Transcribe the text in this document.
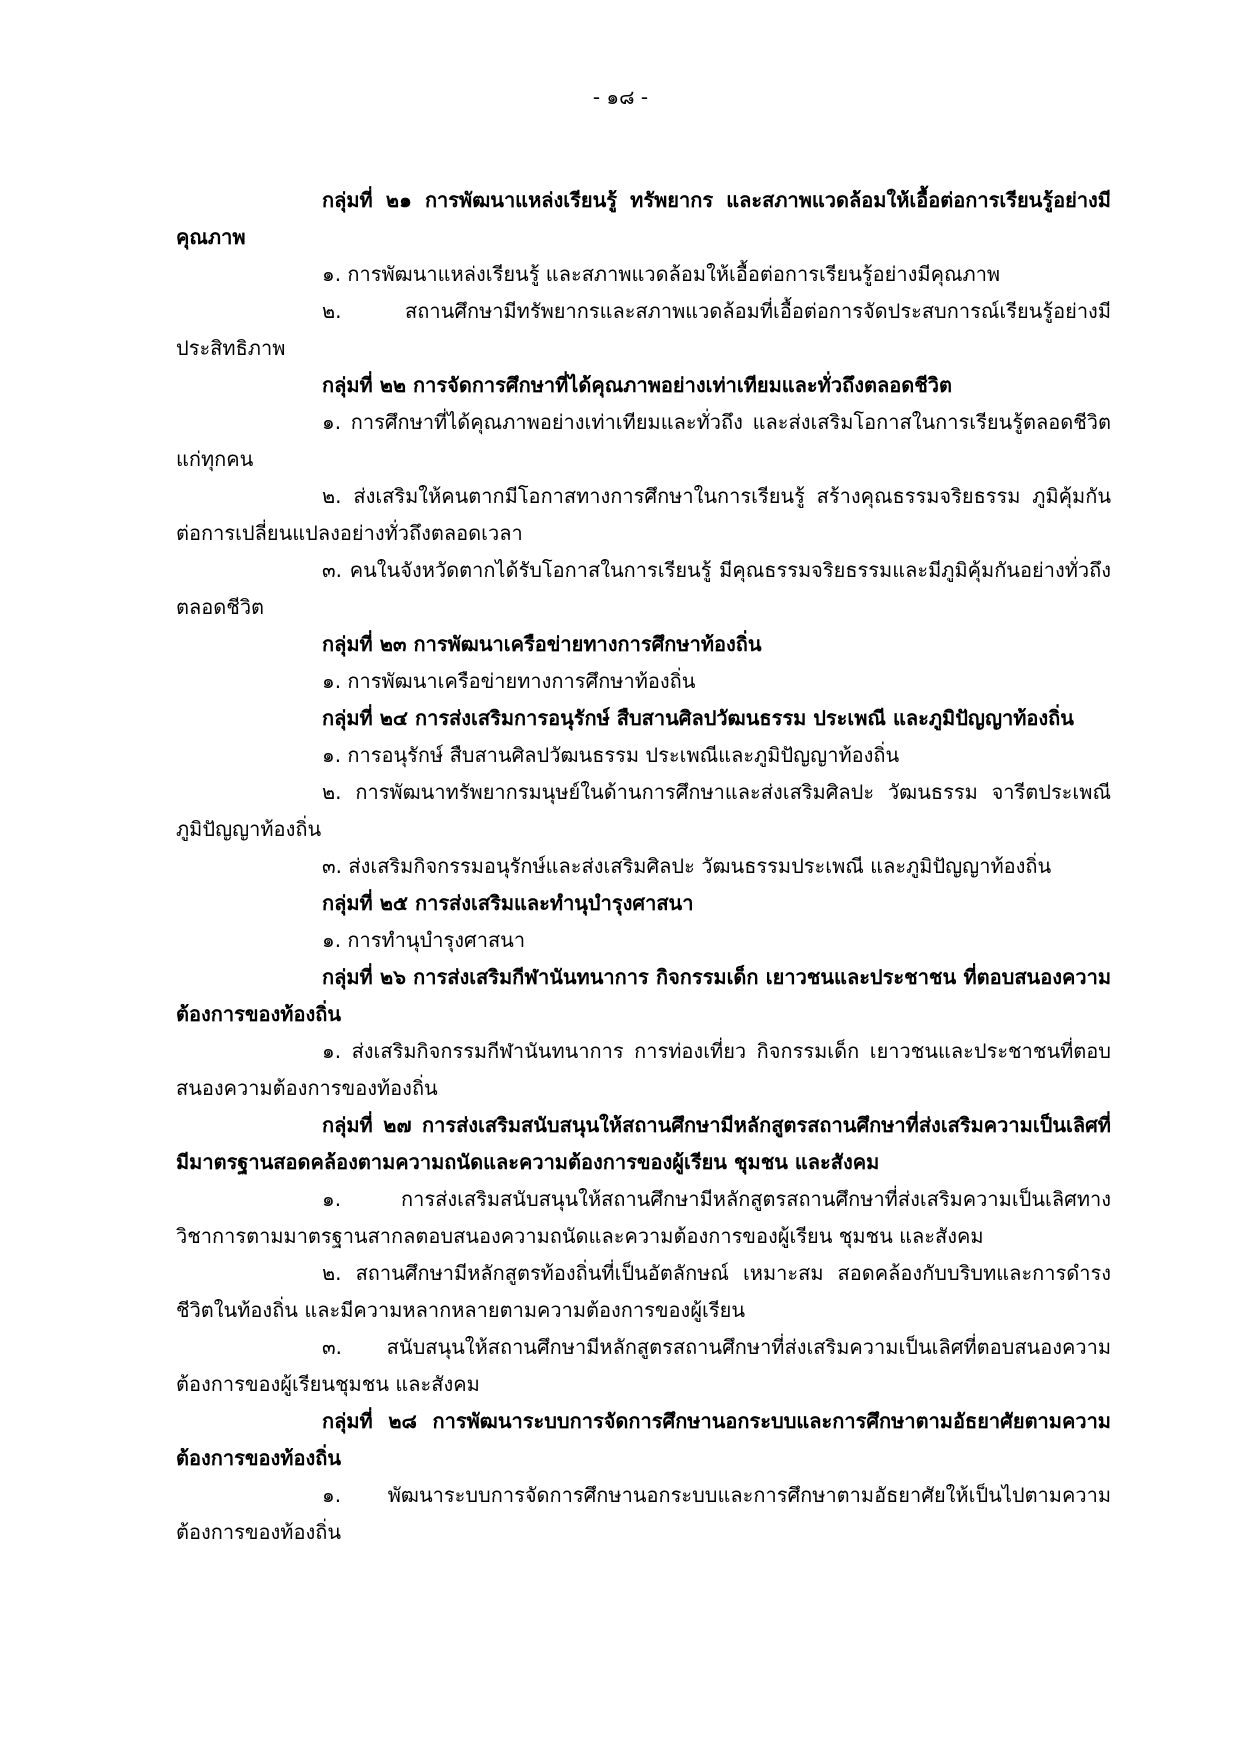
- ๑๘ -

กลุ่มที่ ๒๑ การพัฒนาแหล่งเรียนรู้ ทรัพยากร และสภาพแวดล้อมให้เอื้อต่อการเรียนรู้อย่างมีคุณภาพ

๑. การพัฒนาแหล่งเรียนรู้ และสภาพแวดล้อมให้เอื้อต่อการเรียนรู้อย่างมีคุณภาพ

๒. สถานศึกษามีทรัพยากรและสภาพแวดล้อมที่เอื้อต่อการจัดประสบการณ์เรียนรู้อย่างมีประสิทธิภาพ

กลุ่มที่ ๒๒ การจัดการศึกษาที่ได้คุณภาพอย่างเท่าเทียมและทั่วถึงตลอดชีวิต

๑. การศึกษาที่ได้คุณภาพอย่างเท่าเทียมและทั่วถึง และส่งเสริมโอกาสในการเรียนรู้ตลอดชีวิตแก่ทุกคน

๒. ส่งเสริมให้คนตากมีโอกาสทางการศึกษาในการเรียนรู้ สร้างคุณธรรมจริยธรรม ภูมิคุ้มกันต่อการเปลี่ยนแปลงอย่างทั่วถึงตลอดเวลา

๓. คนในจังหวัดตากได้รับโอกาสในการเรียนรู้ มีคุณธรรมจริยธรรมและมีภูมิคุ้มกันอย่างทั่วถึงตลอดชีวิต

กลุ่มที่ ๒๓ การพัฒนาเครือข่ายทางการศึกษาท้องถิ่น

๑. การพัฒนาเครือข่ายทางการศึกษาท้องถิ่น

กลุ่มที่ ๒๔ การส่งเสริมการอนุรักษ์ สืบสานศิลปวัฒนธรรม ประเพณี และภูมิปัญญาท้องถิ่น

๑. การอนุรักษ์ สืบสานศิลปวัฒนธรรม ประเพณีและภูมิปัญญาท้องถิ่น

๒. การพัฒนาทรัพยากรมนุษย์ในด้านการศึกษาและส่งเสริมศิลปะ วัฒนธรรม จารีตประเพณีภูมิปัญญาท้องถิ่น

๓. ส่งเสริมกิจกรรมอนุรักษ์และส่งเสริมศิลปะ วัฒนธรรมประเพณี และภูมิปัญญาท้องถิ่น

กลุ่มที่ ๒๕ การส่งเสริมและทำนุบำรุงศาสนา

๑. การทำนุบำรุงศาสนา

กลุ่มที่ ๒๖ การส่งเสริมกีฬานันทนาการ กิจกรรมเด็ก เยาวชนและประชาชน ที่ตอบสนองความต้องการของท้องถิ่น

๑. ส่งเสริมกิจกรรมกีฬานันทนาการ การท่องเที่ยว กิจกรรมเด็ก เยาวชนและประชาชนที่ตอบสนองความต้องการของท้องถิ่น

กลุ่มที่ ๒๗ การส่งเสริมสนับสนุนให้สถานศึกษามีหลักสูตรสถานศึกษาที่ส่งเสริมความเป็นเลิศที่มีมาตรฐานสอดคล้องตามความถนัดและความต้องการของผู้เรียน ชุมชน และสังคม

๑. การส่งเสริมสนับสนุนให้สถานศึกษามีหลักสูตรสถานศึกษาที่ส่งเสริมความเป็นเลิศทางวิชาการตามมาตรฐานสากลตอบสนองความถนัดและความต้องการของผู้เรียน ชุมชน และสังคม

๒. สถานศึกษามีหลักสูตรท้องถิ่นที่เป็นอัตลักษณ์ เหมาะสม สอดคล้องกับบริบทและการดำรงชีวิตในท้องถิ่น และมีความหลากหลายตามความต้องการของผู้เรียน

๓. สนับสนุนให้สถานศึกษามีหลักสูตรสถานศึกษาที่ส่งเสริมความเป็นเลิศที่ตอบสนองความต้องการของผู้เรียนชุมชน และสังคม

กลุ่มที่ ๒๘ การพัฒนาระบบการจัดการศึกษานอกระบบและการศึกษาตามอัธยาศัยตามความต้องการของท้องถิ่น

๑. พัฒนาระบบการจัดการศึกษานอกระบบและการศึกษาตามอัธยาศัยให้เป็นไปตามความต้องการของท้องถิ่น
